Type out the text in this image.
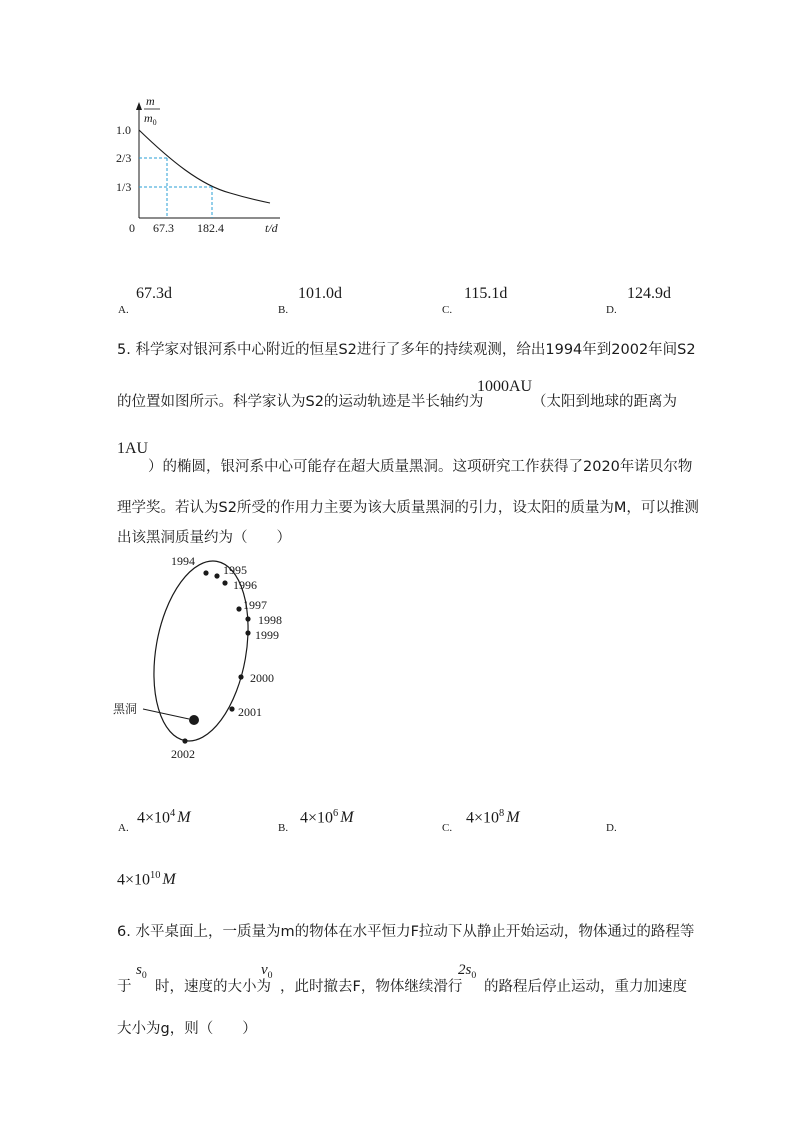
m
$m_0$
1.0
2/3
1/3
0 67.3 182.4	t/d
A.
67.3d
B.
101.0d
C.
115.1d
D.
124.9d
5. 科学家对银河系中心附近的恒星S2进行了多年的持续观测，给出1994年到2002年间S2
的位置如图所示。科学家认为S2的运动轨迹是半长轴约为
1000AU
（太阳到地球的距离为
1AU
）的椭圆，银河系中心可能存在超大质量黑洞。这项研究工作获得了2020年诺贝尔物
理学奖。若认为S2所受的作用力主要为该大质量黑洞的引力，设太阳的质量为M，可以推测
出该黑洞质量约为（　　）
1994
1995
1996
1997
1998
1999
2000
2001
2002
黑洞
A.
$4\times 10^4$ M
B.
$4\times 10^6$ M
C.
$4\times 10^8$ M
D.
$4\times 10^{10}$ M
6. 水平桌面上，一质量为m的物体在水平恒力F拉动下从静止开始运动，物体通过的路程等
于
$s_0$
时，速度的大小为
$v_0$
，此时撤去F，物体继续滑行
$2s_0$
的路程后停止运动，重力加速度
大小为g，则（　　）
